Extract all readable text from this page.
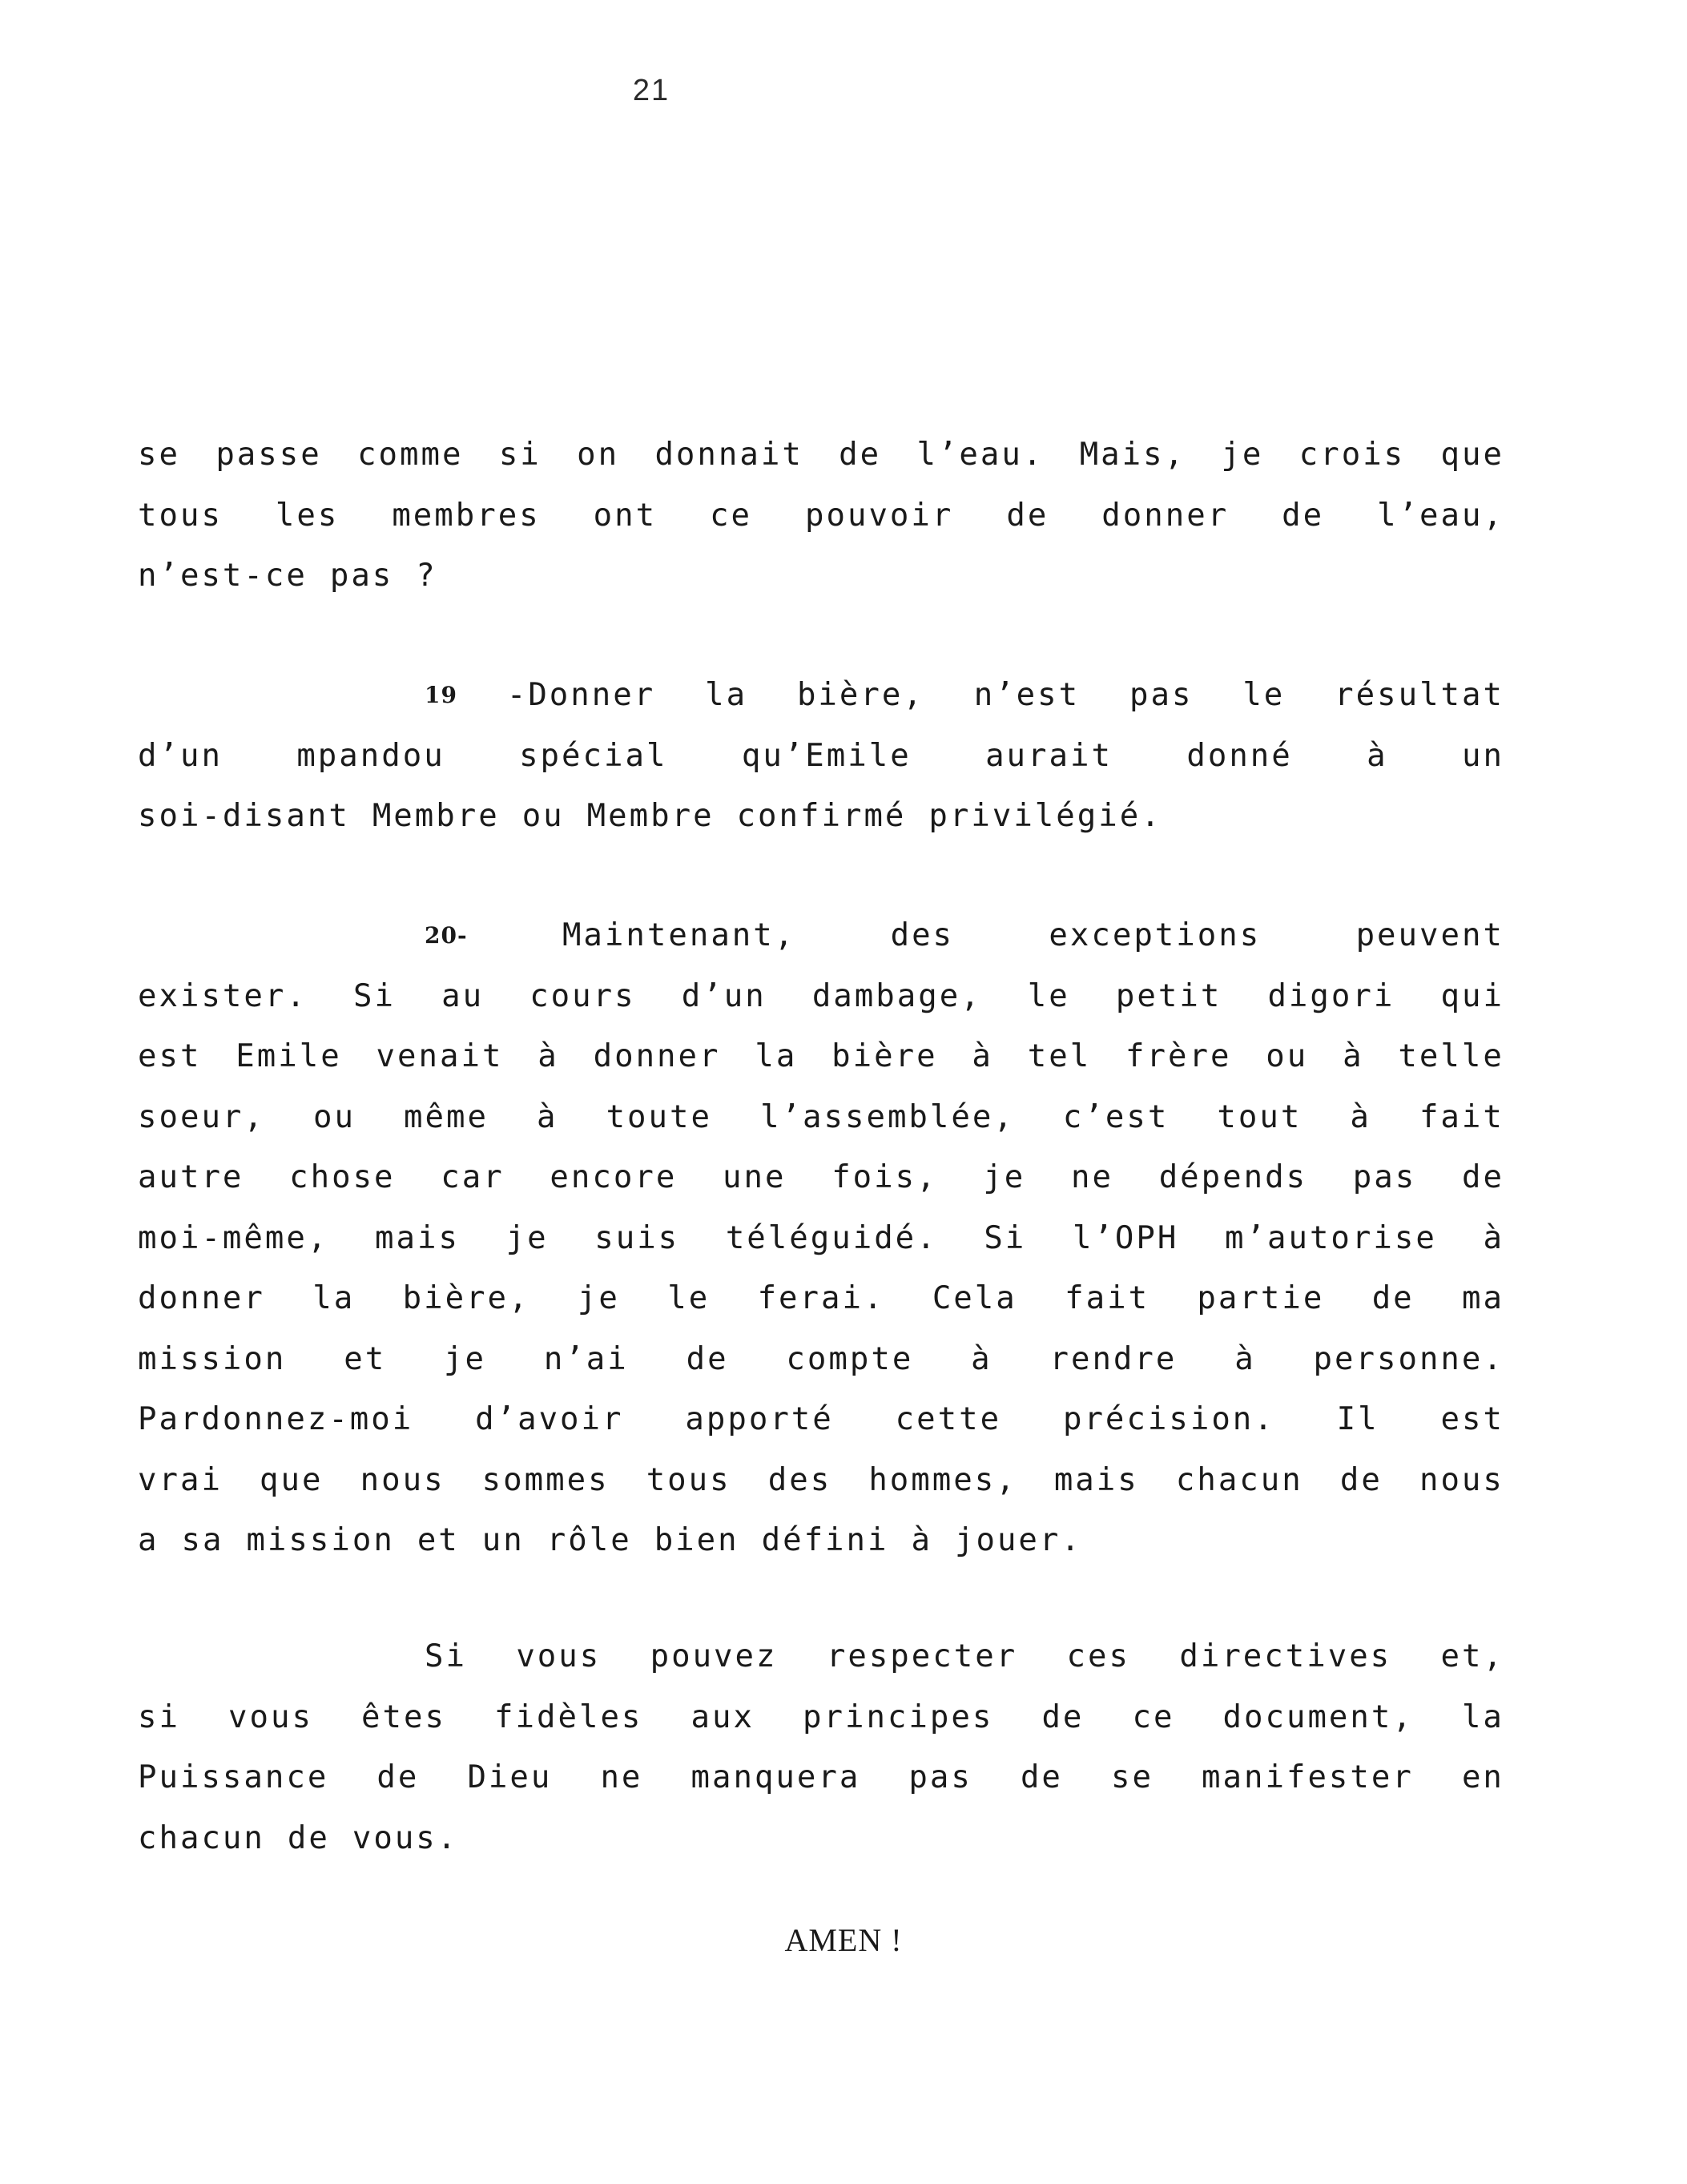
21
se passe comme si on donnait de l’eau. Mais, je crois que
tous les membres ont ce pouvoir de donner de l’eau,
n’est-ce pas ?
19 -Donner la bière, n’est pas le résultat
d’un mpandou spécial qu’Emile aurait donné à un
soi-disant Membre ou Membre confirmé privilégié.
20-	Maintenant,	des	exceptions	peuvent
exister. Si au cours d’un dambage, le petit digori qui
est Emile venait à donner la bière à tel frère ou à telle
soeur, ou même à toute l’assemblée, c’est tout à fait
autre chose car encore une fois, je ne dépends pas de
moi-même, mais je suis téléguidé. Si l’OPH m’autorise à
donner la bière, je le ferai. Cela fait partie de ma
mission et je n’ai de compte à rendre à personne.
Pardonnez-moi d’avoir apporté cette précision. Il est
vrai que nous sommes tous des hommes, mais chacun de nous
a sa mission et un rôle bien défini à jouer.
Si vous pouvez respecter ces directives et,
si vous êtes fidèles aux principes de ce document, la
Puissance de Dieu ne manquera pas de se manifester en
chacun de vous.
AMEN !
